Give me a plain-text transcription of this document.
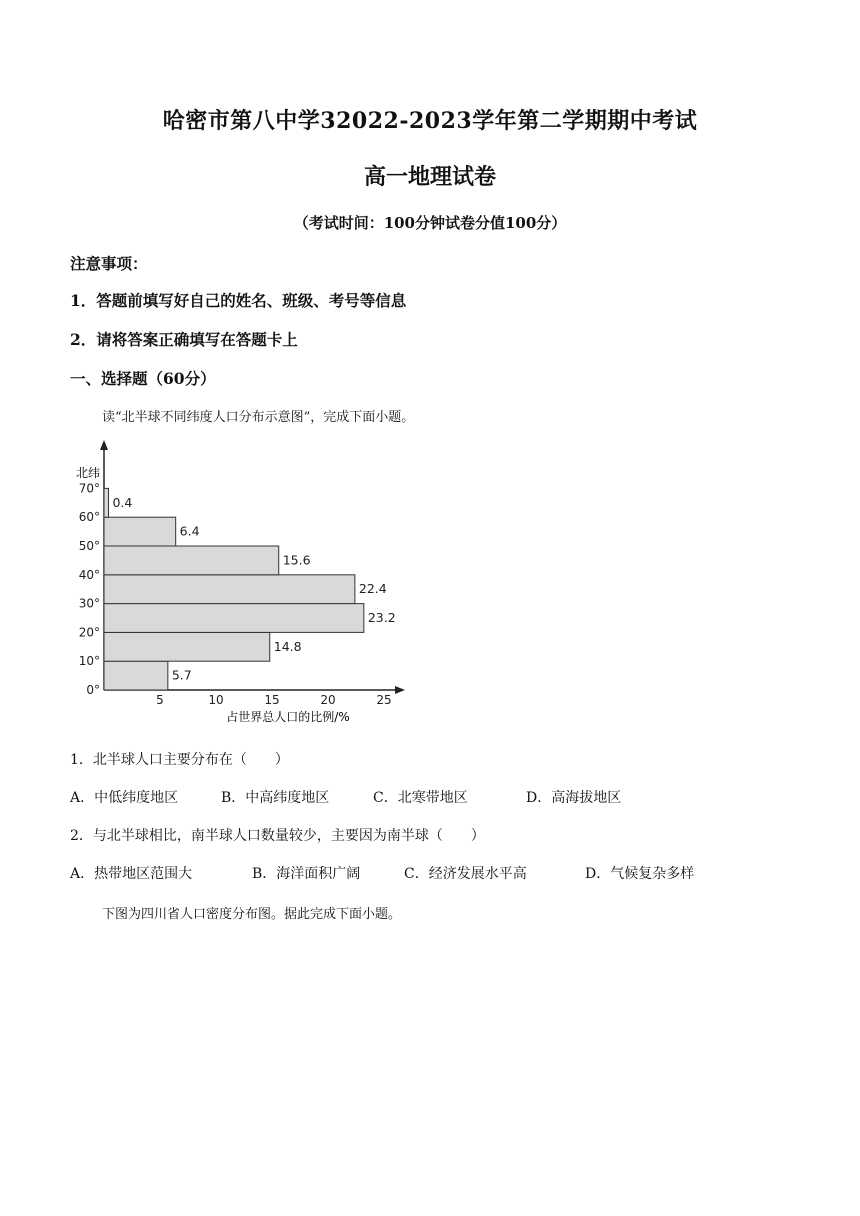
哈密市第八中学32022-2023学年第二学期期中考试
高一地理试卷
（考试时间：100分钟试卷分值100分）
注意事项：
1．答题前填写好自己的姓名、班级、考号等信息
2．请将答案正确填写在答题卡上
一、选择题（60分）
读“北半球不同纬度人口分布示意图”，完成下面小题。
北纬
占世界总人口的比例/%
5.7
14.8
23.2
22.4
15.6
6.4
0.4
0°
10°
20°
30°
40°
50°
60°
70°
5	10	15	20	25
1．北半球人口主要分布在（　　）
A．中低纬度地区	B．中高纬度地区	C．北寒带地区	D．高海拔地区
2．与北半球相比，南半球人口数量较少，主要因为南半球（　　）
A．热带地区范围大	B．海洋面积广阔	C．经济发展水平高	D．气候复杂多样
下图为四川省人口密度分布图。据此完成下面小题。
